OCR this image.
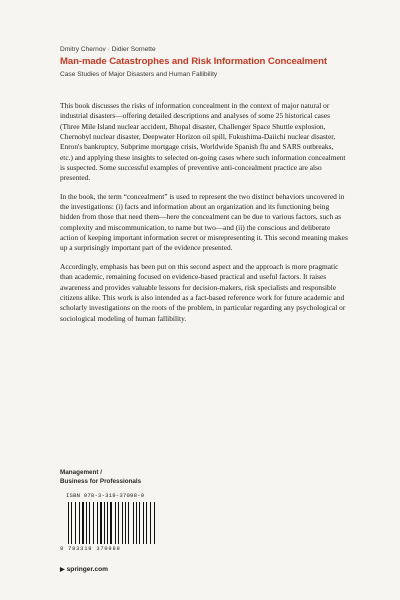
Dmitry Chernov · Didier Sornette
Man-made Catastrophes and Risk Information Concealment
Case Studies of Major Disasters and Human Fallibility

This book discusses the risks of information concealment in the context of major natural or industrial disasters—offering detailed descriptions and analyses of some 25 historical cases (Three Mile Island nuclear accident, Bhopal disaster, Challenger Space Shuttle explosion, Chernobyl nuclear disaster, Deepwater Horizon oil spill, Fukushima-Daiichi nuclear disaster, Enron's bankruptcy, Subprime mortgage crisis, Worldwide Spanish flu and SARS outbreaks, etc.) and applying these insights to selected on-going cases where such information concealment is suspected. Some successful examples of preventive anti-concealment practice are also presented.

In the book, the term “concealment” is used to represent the two distinct behaviors uncovered in the investigations: (i) facts and information about an organization and its functioning being hidden from those that need them—here the concealment can be due to various factors, such as complexity and miscommunication, to name but two—and (ii) the conscious and deliberate action of keeping important information secret or misrepresenting it. This second meaning makes up a surprisingly important part of the evidence presented.

Accordingly, emphasis has been put on this second aspect and the approach is more pragmatic than academic, remaining focused on evidence-based practical and useful factors. It raises awareness and provides valuable lessons for decision-makers, risk specialists and responsible citizens alike. This work is also intended as a fact-based reference work for future academic and scholarly investigations on the roots of the problem, in particular regarding any psychological or sociological modeling of human fallibility.

Management /
Business for Professionals
ISBN 978-3-319-37098-9
9 783319 370989
▶ springer.com
